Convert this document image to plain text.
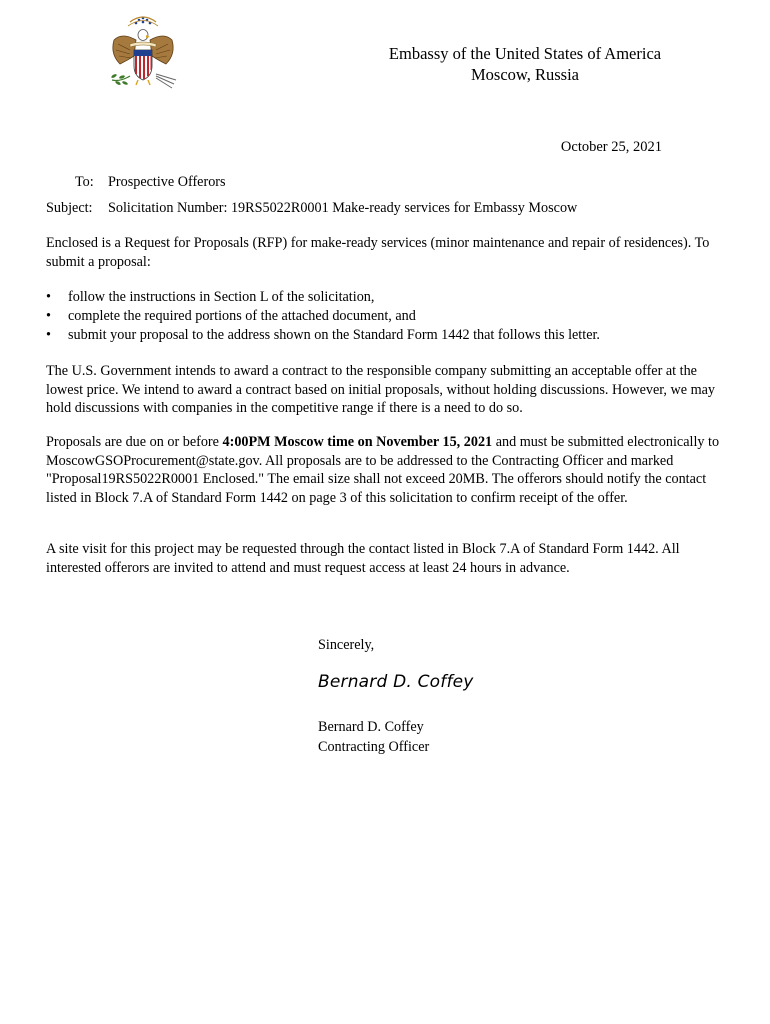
Embassy of the United States of America
Moscow, Russia
October 25, 2021
To: Prospective Offerors
Subject: Solicitation Number: 19RS5022R0001 Make-ready services for Embassy Moscow

Enclosed is a Request for Proposals (RFP) for make-ready services (minor maintenance and repair of residences). To submit a proposal:

• follow the instructions in Section L of the solicitation,
• complete the required portions of the attached document, and
• submit your proposal to the address shown on the Standard Form 1442 that follows this letter.

The U.S. Government intends to award a contract to the responsible company submitting an acceptable offer at the lowest price. We intend to award a contract based on initial proposals, without holding discussions. However, we may hold discussions with companies in the competitive range if there is a need to do so.

Proposals are due on or before 4:00PM Moscow time on November 15, 2021 and must be submitted electronically to MoscowGSOProcurement@state.gov. All proposals are to be addressed to the Contracting Officer and marked "Proposal19RS5022R0001 Enclosed." The email size shall not exceed 20MB. The offerors should notify the contact listed in Block 7.A of Standard Form 1442 on page 3 of this solicitation to confirm receipt of the offer.

A site visit for this project may be requested through the contact listed in Block 7.A of Standard Form 1442. All interested offerors are invited to attend and must request access at least 24 hours in advance.

Sincerely,
Bernard D. Coffey
Bernard D. Coffey
Contracting Officer
